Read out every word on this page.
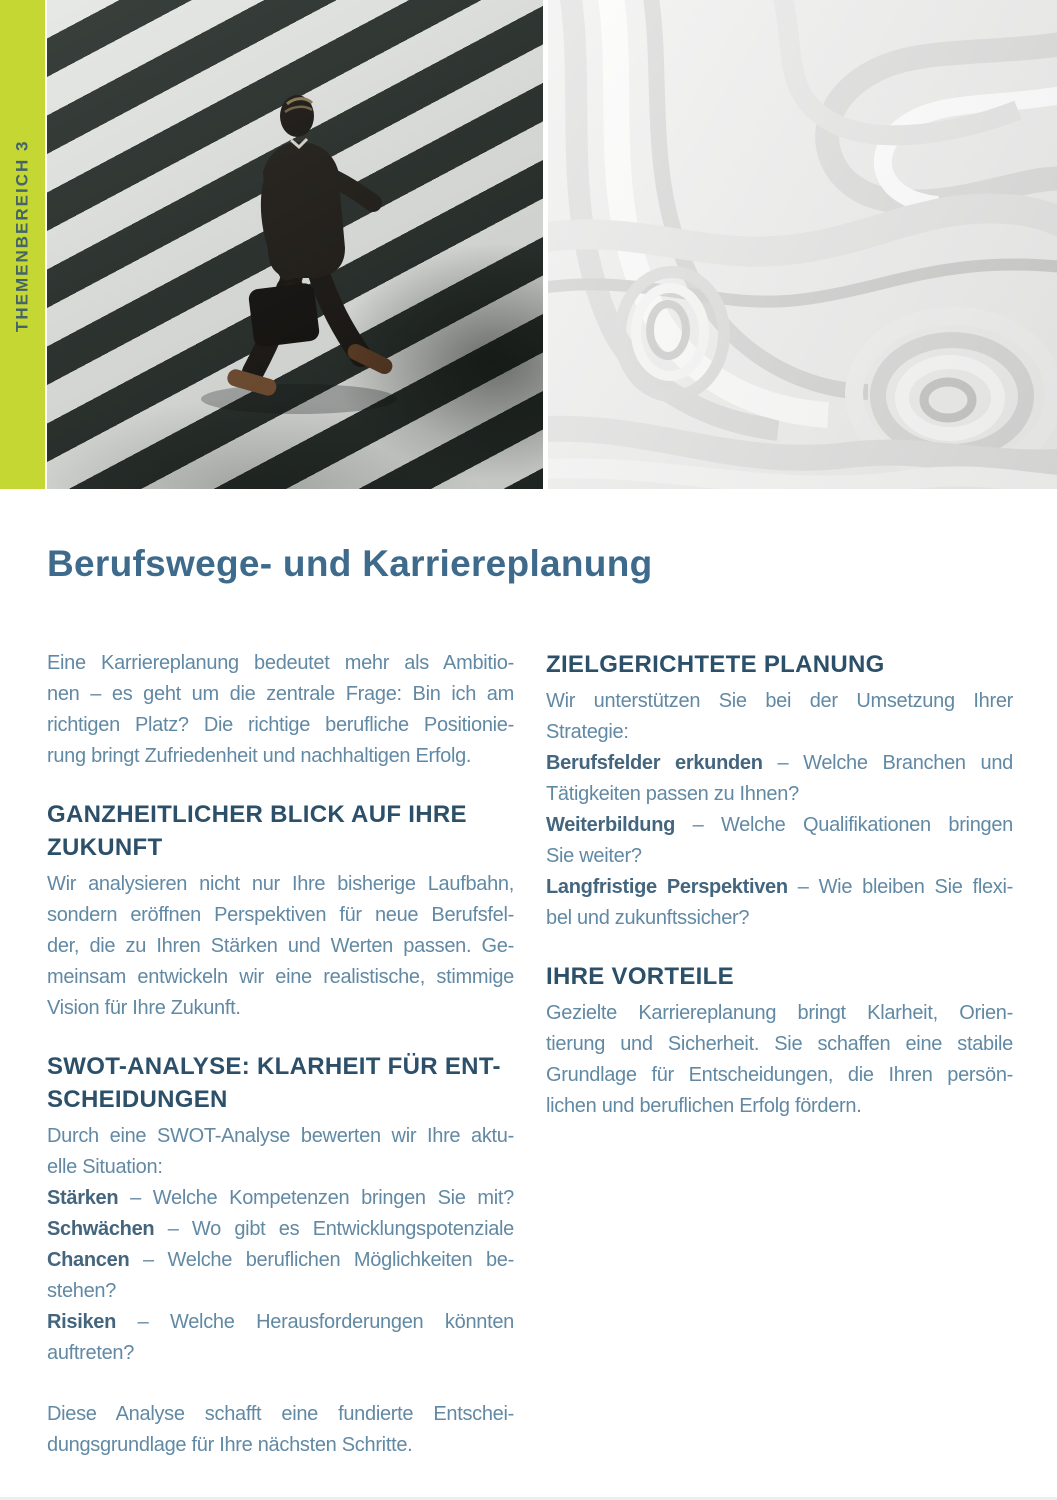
THEMENBEREICH 3
Berufswege- und Karriereplanung
Eine Karriereplanung bedeutet mehr als Ambitio-
nen – es geht um die zentrale Frage: Bin ich am
richtigen Platz? Die richtige berufliche Positionie-
rung bringt Zufriedenheit und nachhaltigen Erfolg.
GANZHEITLICHER BLICK AUF IHRE
ZUKUNFT
Wir analysieren nicht nur Ihre bisherige Laufbahn,
sondern eröffnen Perspektiven für neue Berufsfel-
der, die zu Ihren Stärken und Werten passen. Ge-
meinsam entwickeln wir eine realistische, stimmige
Vision für Ihre Zukunft.
SWOT-ANALYSE: KLARHEIT FÜR ENT-
SCHEIDUNGEN
Durch eine SWOT-Analyse bewerten wir Ihre aktu-
elle Situation:
Stärken – Welche Kompetenzen bringen Sie mit?
Schwächen – Wo gibt es Entwicklungspotenziale
Chancen – Welche beruflichen Möglichkeiten be-
stehen?
Risiken – Welche Herausforderungen könnten
auftreten?
Diese Analyse schafft eine fundierte Entschei-
dungsgrundlage für Ihre nächsten Schritte.
ZIELGERICHTETE PLANUNG
Wir unterstützen Sie bei der Umsetzung Ihrer
Strategie:
Berufsfelder erkunden – Welche Branchen und
Tätigkeiten passen zu Ihnen?
Weiterbildung – Welche Qualifikationen bringen
Sie weiter?
Langfristige Perspektiven – Wie bleiben Sie flexi-
bel und zukunftssicher?
IHRE VORTEILE
Gezielte Karriereplanung bringt Klarheit, Orien-
tierung und Sicherheit. Sie schaffen eine stabile
Grundlage für Entscheidungen, die Ihren persön-
lichen und beruflichen Erfolg fördern.
